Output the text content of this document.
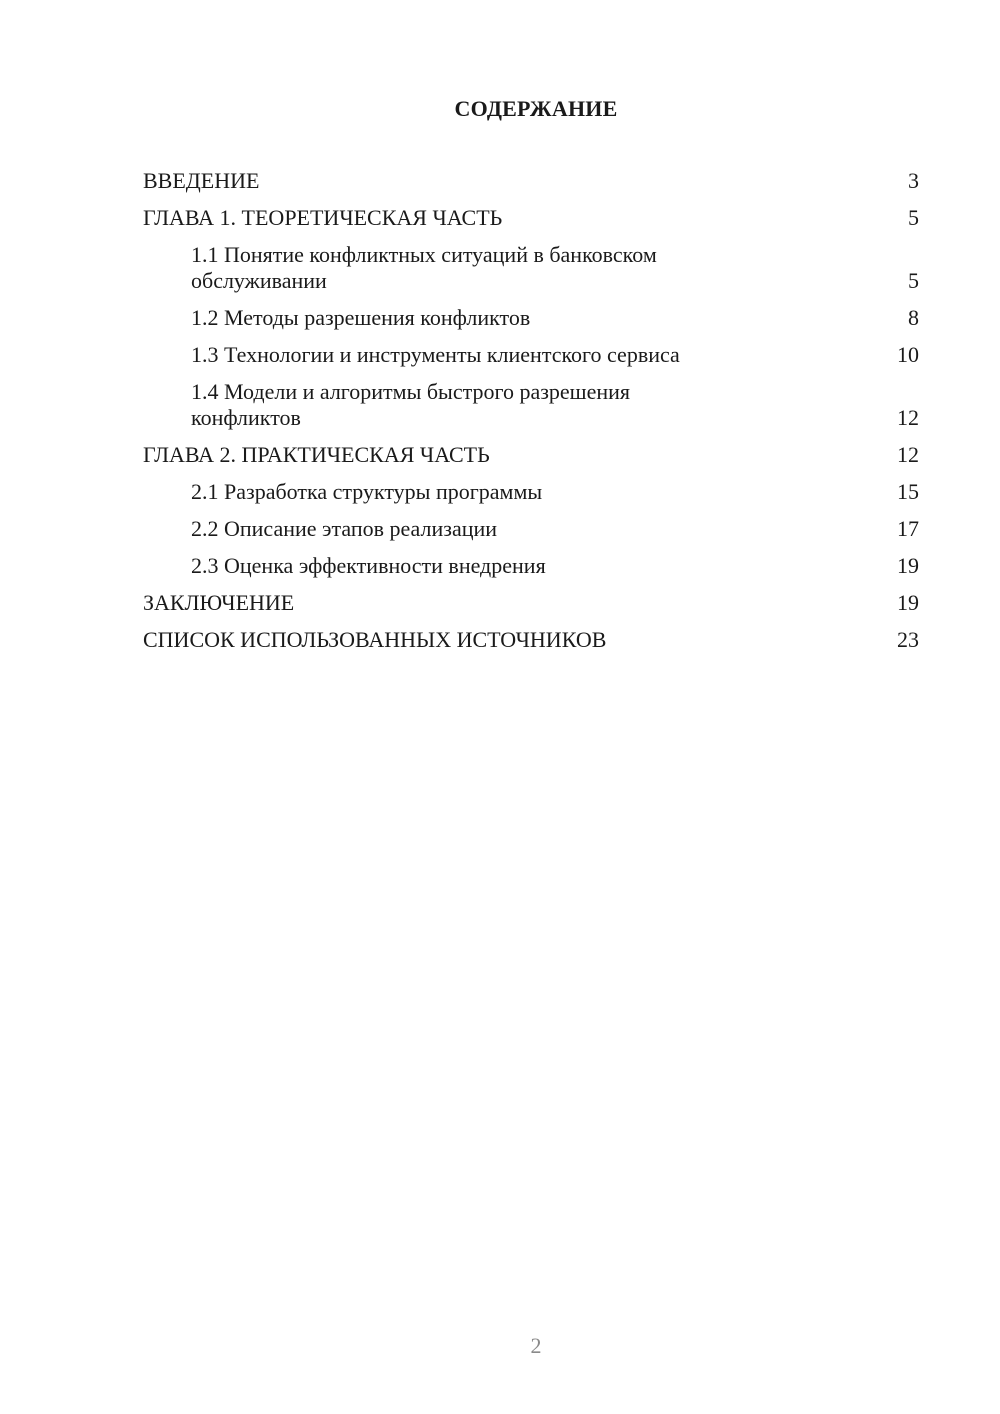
СОДЕРЖАНИЕ
ВВЕДЕНИЕ	3
ГЛАВА 1. ТЕОРЕТИЧЕСКАЯ ЧАСТЬ	5
1.1 Понятие конфликтных ситуаций в банковском обслуживании	5
1.2 Методы разрешения конфликтов	8
1.3 Технологии и инструменты клиентского сервиса	10
1.4 Модели и алгоритмы быстрого разрешения конфликтов	12
ГЛАВА 2. ПРАКТИЧЕСКАЯ ЧАСТЬ	12
2.1 Разработка структуры программы	15
2.2 Описание этапов реализации	17
2.3 Оценка эффективности внедрения	19
ЗАКЛЮЧЕНИЕ	19
СПИСОК ИСПОЛЬЗОВАННЫХ ИСТОЧНИКОВ	23
2
